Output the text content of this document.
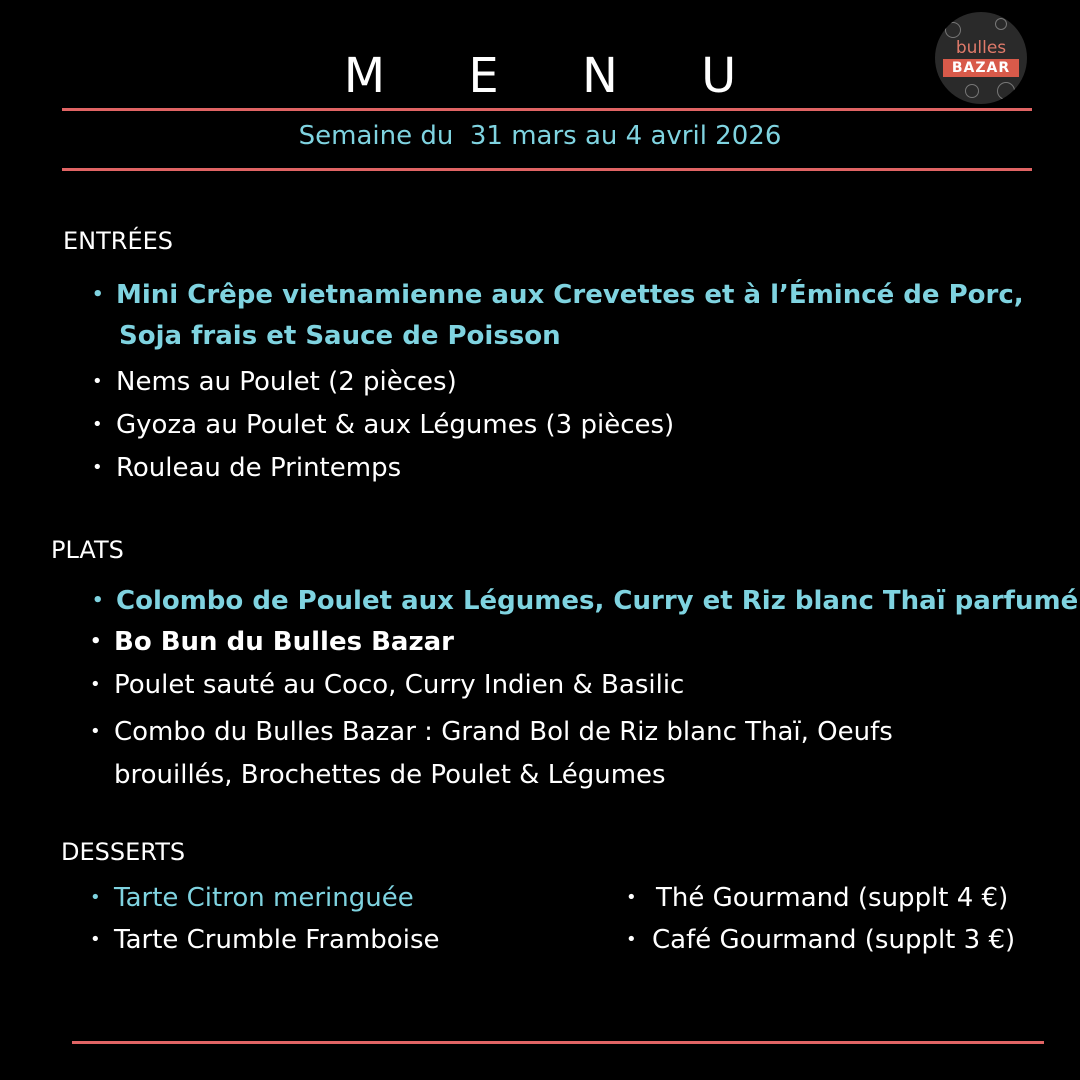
M E N U	bulles
BAZAR
Semaine du  31 mars au 4 avril 2026
ENTRÉES
• Mini Crêpe vietnamienne aux Crevettes et à l’Émincé de Porc,
Soja frais et Sauce de Poisson
• Nems au Poulet (2 pièces)
• Gyoza au Poulet & aux Légumes (3 pièces)
• Rouleau de Printemps
PLATS
• Colombo de Poulet aux Légumes, Curry et Riz blanc Thaï parfumé
• Bo Bun du Bulles Bazar
• Poulet sauté au Coco, Curry Indien & Basilic
• Combo du Bulles Bazar : Grand Bol de Riz blanc Thaï, Oeufs
brouillés, Brochettes de Poulet & Légumes
DESSERTS
• Tarte Citron meringuée
• Tarte Crumble Framboise
• Thé Gourmand (supplt 4 €)
• Café Gourmand (supplt 3 €)
